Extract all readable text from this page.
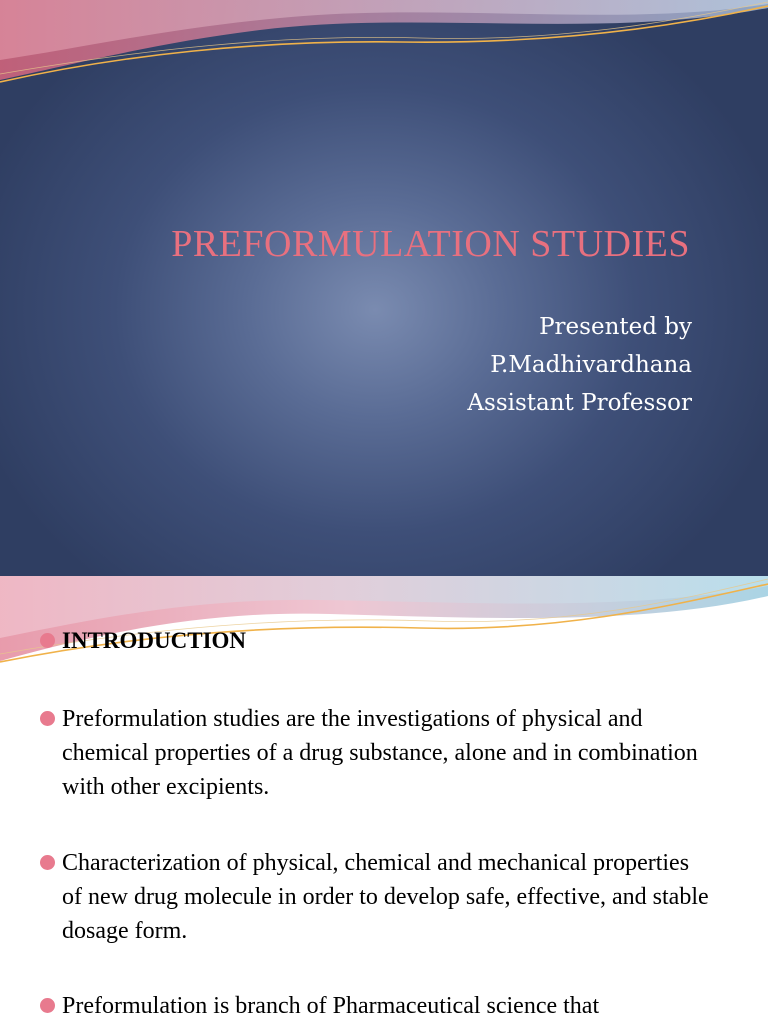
PREFORMULATION STUDIES
Presented by
P.Madhivardhana
Assistant Professor
INTRODUCTION
Preformulation studies are the investigations of physical and chemical properties of a drug substance, alone and in combination with other excipients.
Characterization of physical, chemical and mechanical properties of new drug molecule in order to develop safe, effective, and stable dosage form.
Preformulation is branch of Pharmaceutical science that
